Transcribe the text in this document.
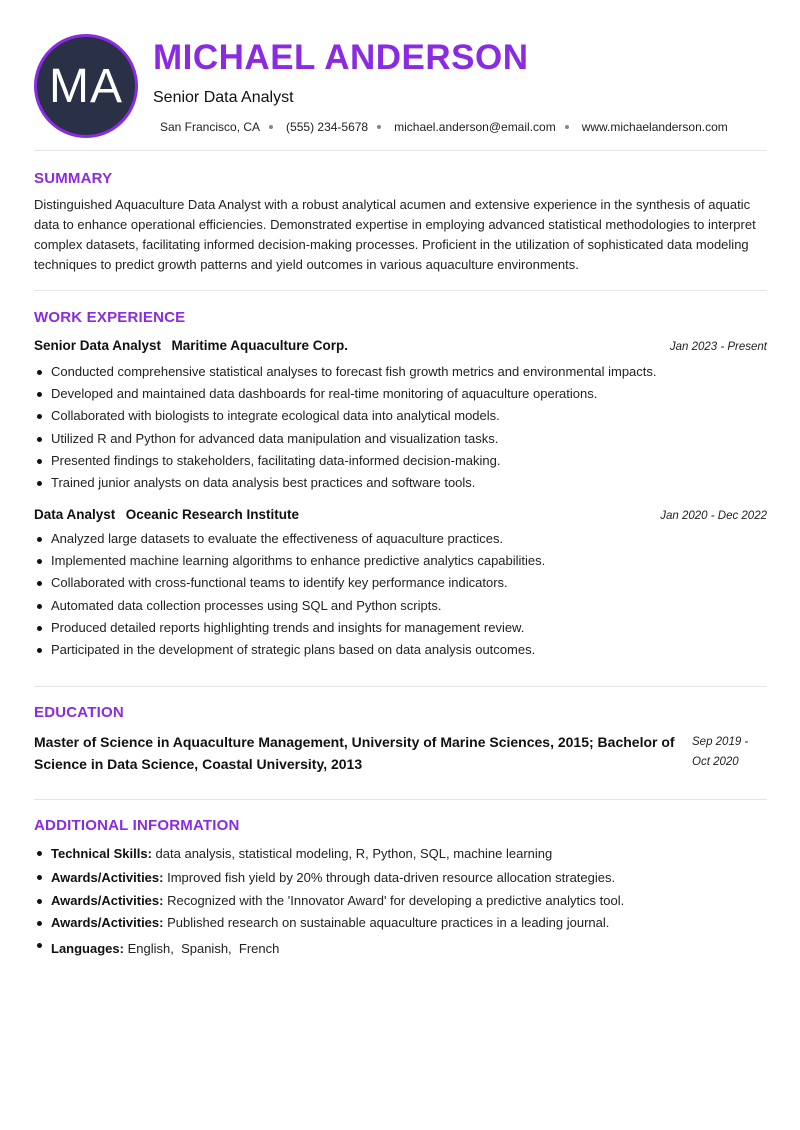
MA
MICHAEL ANDERSON
Senior Data Analyst
San Francisco, CA (555) 234-5678 michael.anderson@email.com www.michaelanderson.com
SUMMARY

Distinguished Aquaculture Data Analyst with a robust analytical acumen and extensive experience in the synthesis of aquatic data to enhance operational efficiencies. Demonstrated expertise in employing advanced statistical methodologies to interpret complex datasets, facilitating informed decision-making processes. Proficient in the utilization of sophisticated data modeling techniques to predict growth patterns and yield outcomes in various aquaculture environments.

WORK EXPERIENCE
Senior Data Analyst Maritime Aquaculture Corp.	Jan 2023 - Present
Conducted comprehensive statistical analyses to forecast fish growth metrics and environmental impacts.
Developed and maintained data dashboards for real-time monitoring of aquaculture operations.
Collaborated with biologists to integrate ecological data into analytical models.
Utilized R and Python for advanced data manipulation and visualization tasks.
Presented findings to stakeholders, facilitating data-informed decision-making.
Trained junior analysts on data analysis best practices and software tools.
Data Analyst Oceanic Research Institute	Jan 2020 - Dec 2022
Analyzed large datasets to evaluate the effectiveness of aquaculture practices.
Implemented machine learning algorithms to enhance predictive analytics capabilities.
Collaborated with cross-functional teams to identify key performance indicators.
Automated data collection processes using SQL and Python scripts.
Produced detailed reports highlighting trends and insights for management review.
Participated in the development of strategic plans based on data analysis outcomes.
EDUCATION
Master of Science in Aquaculture Management, University of Marine Sciences, 2015; Bachelor of Science in Data Science, Coastal University, 2013
Sep 2019 - Oct 2020
ADDITIONAL INFORMATION
Technical Skills: data analysis, statistical modeling, R, Python, SQL, machine learning
Awards/Activities: Improved fish yield by 20% through data-driven resource allocation strategies.
Awards/Activities: Recognized with the 'Innovator Award' for developing a predictive analytics tool.
Awards/Activities: Published research on sustainable aquaculture practices in a leading journal.
Languages: English,  Spanish,  French
